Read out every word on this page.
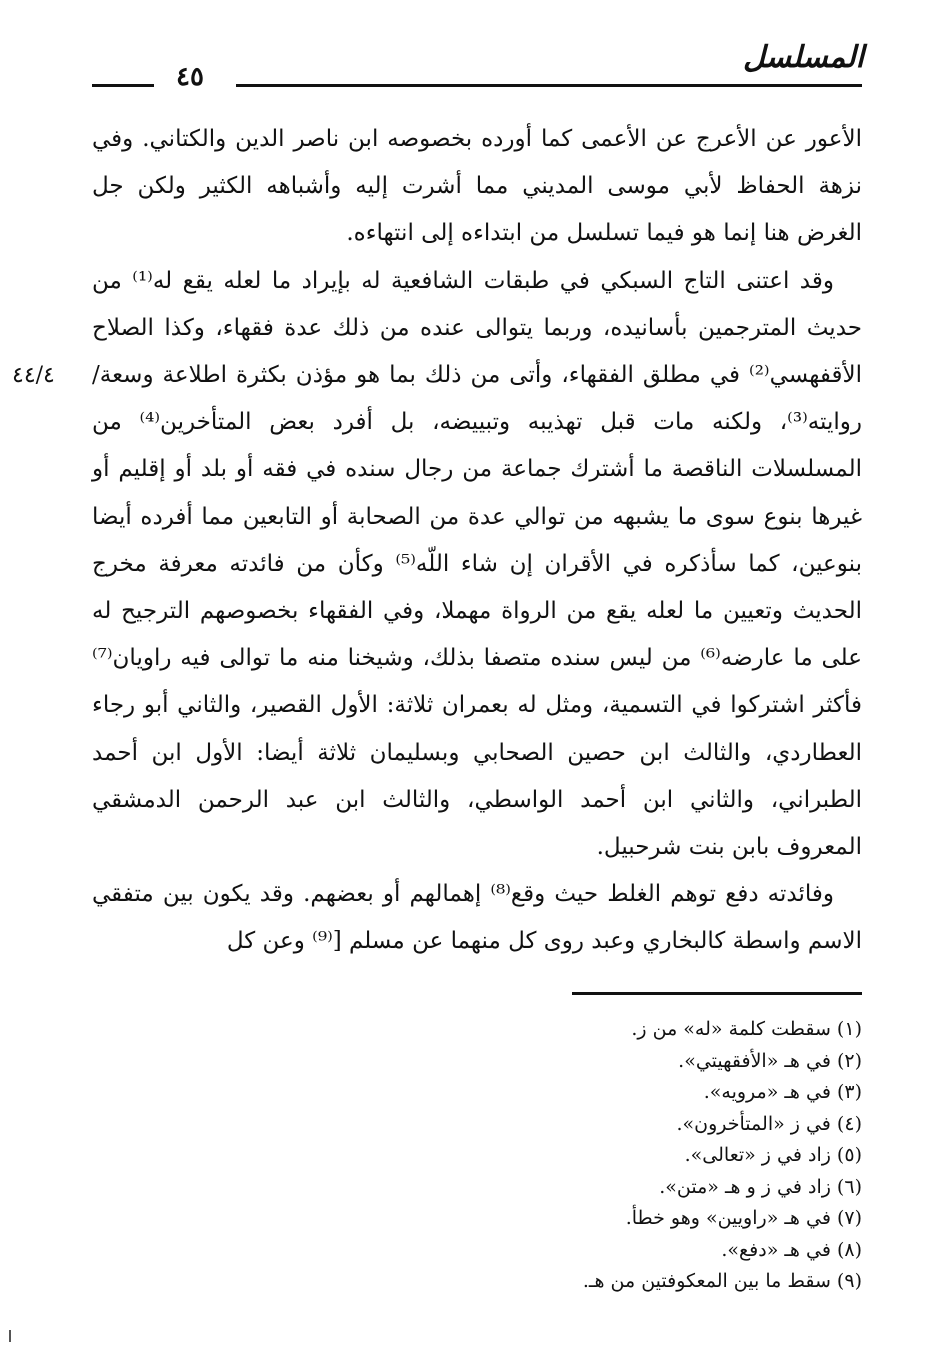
المسلسل
٤٥
٤٤/٤

الأعور عن الأعرج عن الأعمى كما أورده بخصوصه ابن ناصر الدين والكتاني. وفي نزهة الحفاظ لأبي موسى المديني مما أشرت إليه وأشباهه الكثير ولكن جل الغرض هنا إنما هو فيما تسلسل من ابتداءه إلى انتهاءه.

وقد اعتنى التاج السبكي في طبقات الشافعية له بإيراد ما لعله يقع له⁽¹⁾ من حديث المترجمين بأسانيده، وربما يتوالى عنده من ذلك عدة فقهاء، وكذا الصلاح الأقفهسي⁽²⁾ في مطلق الفقهاء، وأتى من ذلك بما هو مؤذن بكثرة اطلاعة وسعة/ روايته⁽³⁾، ولكنه مات قبل تهذيبه وتبييضه، بل أفرد بعض المتأخرين⁽⁴⁾ من المسلسلات الناقصة ما أشترك جماعة من رجال سنده في فقه أو بلد أو إقليم أو غيرها بنوع سوى ما يشبهه من توالي عدة من الصحابة أو التابعين مما أفرده أيضا بنوعين، كما سأذكره في الأقران إن شاء اللّه⁽⁵⁾ وكأن من فائدته معرفة مخرج الحديث وتعيين ما لعله يقع من الرواة مهملا، وفي الفقهاء بخصوصهم الترجيح له على ما عارضه⁽⁶⁾ من ليس سنده متصفا بذلك، وشيخنا منه ما توالى فيه راويان⁽⁷⁾ فأكثر اشتركوا في التسمية، ومثل له بعمران ثلاثة: الأول القصير، والثاني أبو رجاء العطاردي، والثالث ابن حصين الصحابي وبسليمان ثلاثة أيضا: الأول ابن أحمد الطبراني، والثاني ابن أحمد الواسطي، والثالث ابن عبد الرحمن الدمشقي المعروف بابن بنت شرحبيل.

وفائدته دفع توهم الغلط حيث وقع⁽⁸⁾ إهمالهم أو بعضهم. وقد يكون بين متفقي الاسم واسطة كالبخاري وعبد روى كل منهما عن مسلم [⁽⁹⁾ وعن كل

(١) سقطت كلمة «له» من ز.
(٢) في هـ «الأفقهيتي».
(٣) في هـ «مرويه».
(٤) في ز «المتأخرون».
(٥) زاد في ز «تعالى».
(٦) زاد في ز و هـ «متن».
(٧) في هـ «راويين» وهو خطأ.
(٨) في هـ «دفع».
(٩) سقط ما بين المعكوفتين من هـ.
